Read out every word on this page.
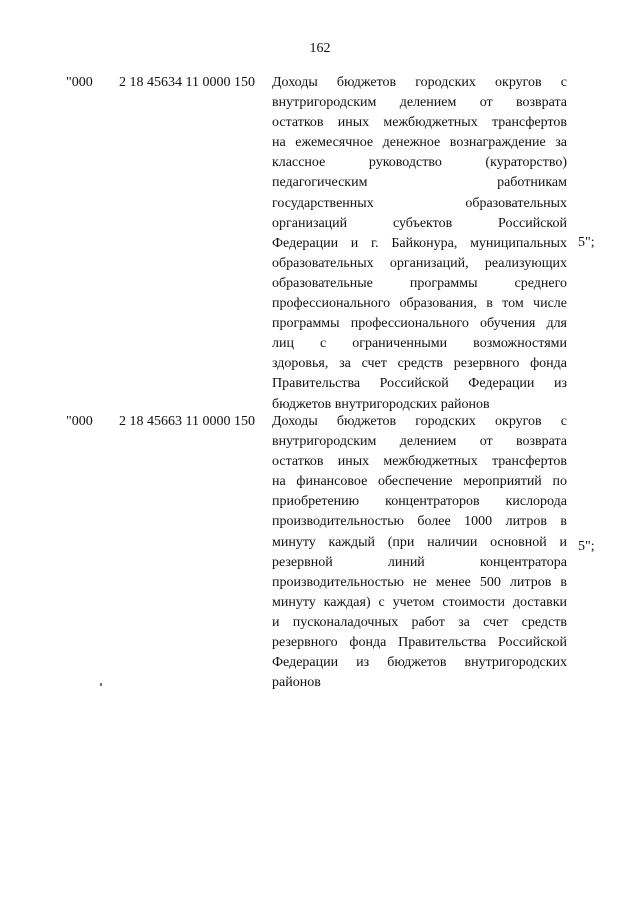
162
"000 2 18 45634 11 0000 150 Доходы бюджетов городских округов с
внутригородским делением от возврата
остатков иных межбюджетных трансфертов
на ежемесячное денежное вознаграждение за
классное руководство (кураторство)
педагогическим работникам
государственных образовательных
организаций субъектов Российской
Федерации и г. Байконура, муниципальных
образовательных организаций, реализующих
образовательные программы среднего
профессионального образования, в том числе
программы профессионального обучения для
лиц с ограниченными возможностями
здоровья, за счет средств резервного фонда
Правительства Российской Федерации из
бюджетов внутригородских районов
5";
"000 2 18 45663 11 0000 150 Доходы бюджетов городских округов с
внутригородским делением от возврата
остатков иных межбюджетных трансфертов
на финансовое обеспечение мероприятий по
приобретению концентраторов кислорода
производительностью более 1000 литров в
минуту каждый (при наличии основной и
резервной линий концентратора
производительностью не менее 500 литров в
минуту каждая) с учетом стоимости доставки
и пусконаладочных работ за счет средств
резервного фонда Правительства Российской
Федерации из бюджетов внутригородских
районов
5";
